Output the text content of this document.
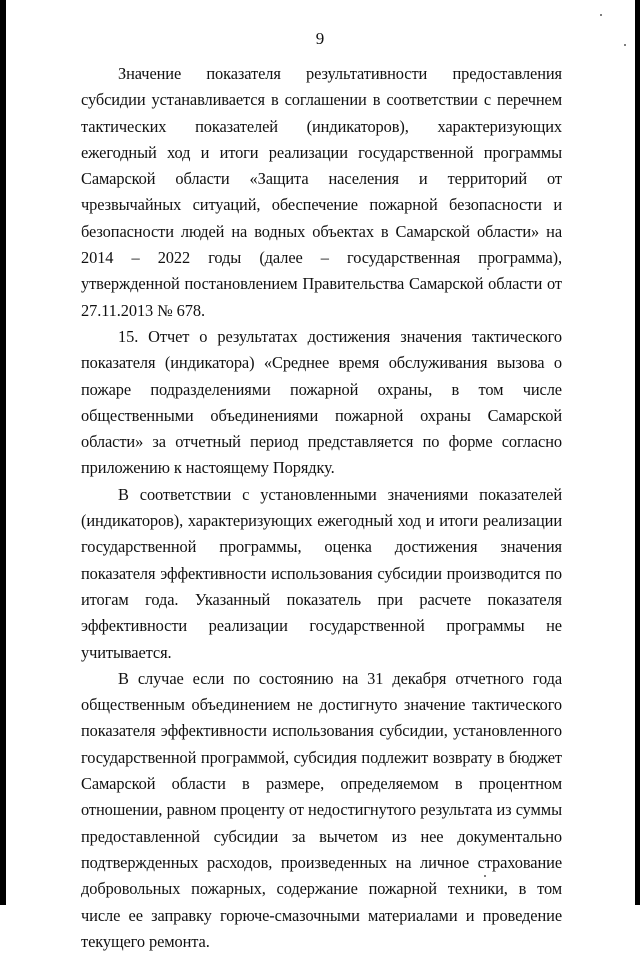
9

Значение показателя результативности предоставления субсидии устанавливается в соглашении в соответствии с перечнем тактических показателей (индикаторов), характеризующих ежегодный ход и итоги реализации государственной программы Самарской области «Защита населения и территорий от чрезвычайных ситуаций, обеспечение пожарной безопасности и безопасности людей на водных объектах в Самарской области» на 2014 – 2022 годы (далее – государственная программа), утвержденной постановлением Правительства Самарской области от 27.11.2013 № 678.

15. Отчет о результатах достижения значения тактического показателя (индикатора) «Среднее время обслуживания вызова о пожаре подразделениями пожарной охраны, в том числе общественными объединениями пожарной охраны Самарской области» за отчетный период представляется по форме согласно приложению к настоящему Порядку.

В соответствии с установленными значениями показателей (индикаторов), характеризующих ежегодный ход и итоги реализации государственной программы, оценка достижения значения показателя эффективности использования субсидии производится по итогам года. Указанный показатель при расчете показателя эффективности реализации государственной программы не учитывается.

В случае если по состоянию на 31 декабря отчетного года общественным объединением не достигнуто значение тактического показателя эффективности использования субсидии, установленного государственной программой, субсидия подлежит возврату в бюджет Самарской области в размере, определяемом в процентном отношении, равном проценту от недостигнутого результата из суммы предоставленной субсидии за вычетом из нее документально подтвержденных расходов, произведенных на личное страхование добровольных пожарных, содержание пожарной техники, в том числе ее заправку горюче-смазочными материалами и проведение текущего ремонта.
